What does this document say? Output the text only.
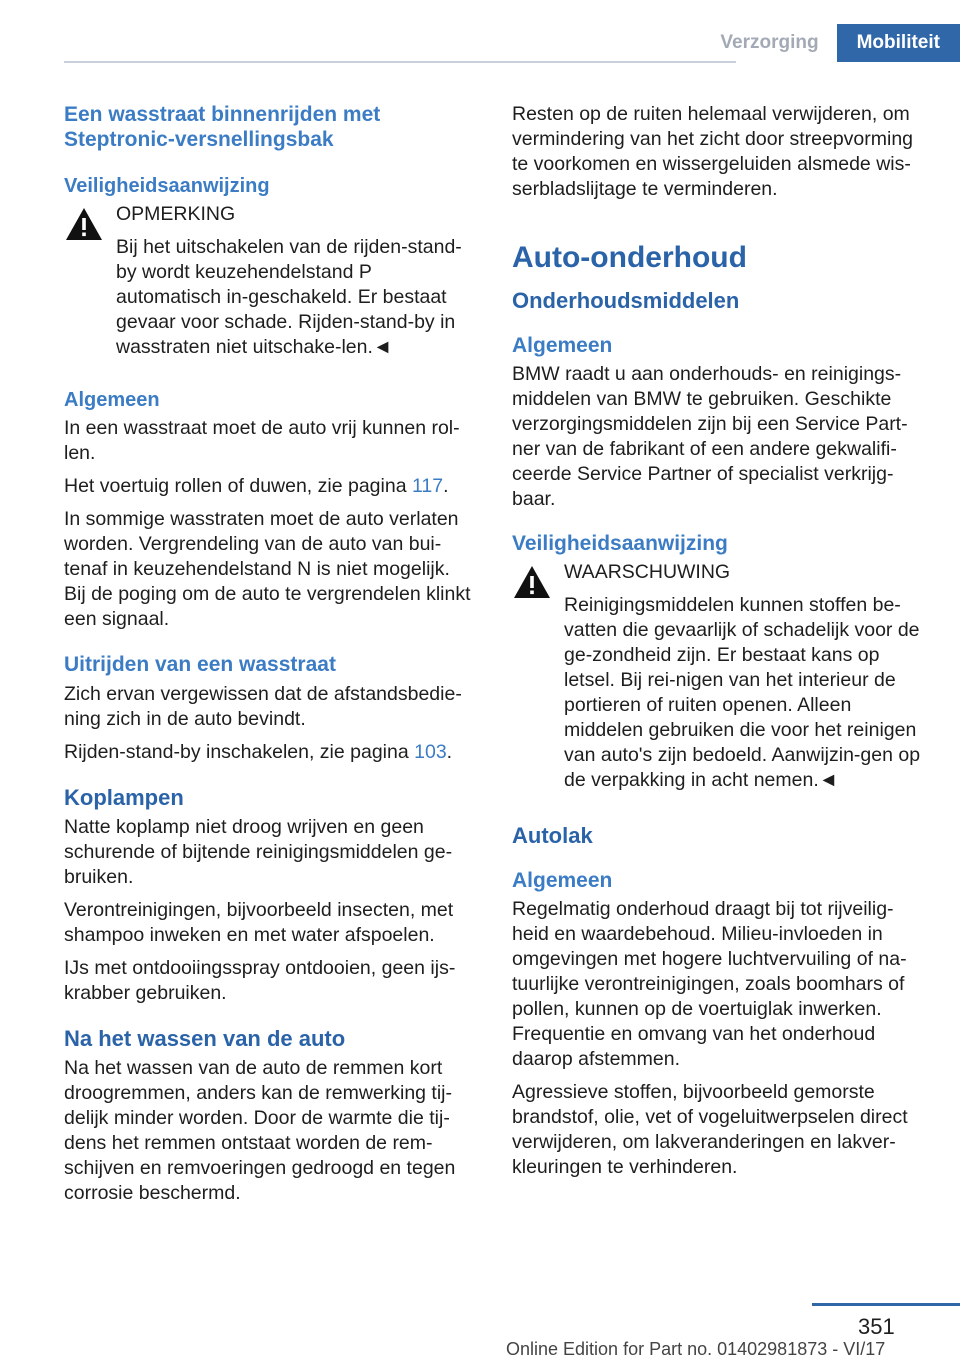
Verzorging	Mobiliteit
Een wasstraat binnenrijden met Steptronic-versnellingsbak
Veiligheidsaanwijzing

OPMERKING

Bij het uitschakelen van de rijden-stand-by wordt keuzehendelstand P automatisch in-geschakeld. Er bestaat gevaar voor schade. Rijden-stand-by in wasstraten niet uitschake-len.◄

Algemeen

In een wasstraat moet de auto vrij kunnen rol-len.

Het voertuig rollen of duwen, zie pagina 117.

In sommige wasstraten moet de auto verlaten worden. Vergrendeling van de auto van bui-tenaf in keuzehendelstand N is niet mogelijk. Bij de poging om de auto te vergrendelen klinkt een signaal.

Uitrijden van een wasstraat

Zich ervan vergewissen dat de afstandsbedie-ning zich in de auto bevindt.

Rijden-stand-by inschakelen, zie pagina 103.

Koplampen

Natte koplamp niet droog wrijven en geen schurende of bijtende reinigingsmiddelen ge-bruiken.

Verontreinigingen, bijvoorbeeld insecten, met shampoo inweken en met water afspoelen.

IJs met ontdooiingsspray ontdooien, geen ijs-krabber gebruiken.

Na het wassen van de auto

Na het wassen van de auto de remmen kort droogremmen, anders kan de remwerking tij-delijk minder worden. Door de warmte die tij-dens het remmen ontstaat worden de rem-schijven en remvoeringen gedroogd en tegen corrosie beschermd.

Resten op de ruiten helemaal verwijderen, om vermindering van het zicht door streepvorming te voorkomen en wissergeluiden alsmede wis-serbladslijtage te verminderen.

Auto-onderhoud
Onderhoudsmiddelen
Algemeen

BMW raadt u aan onderhouds- en reinigings-middelen van BMW te gebruiken. Geschikte verzorgingsmiddelen zijn bij een Service Part-ner van de fabrikant of een andere gekwalifi-ceerde Service Partner of specialist verkrijg-baar.

Veiligheidsaanwijzing

WAARSCHUWING

Reinigingsmiddelen kunnen stoffen be-vatten die gevaarlijk of schadelijk voor de ge-zondheid zijn. Er bestaat kans op letsel. Bij rei-nigen van het interieur de portieren of ruiten openen. Alleen middelen gebruiken die voor het reinigen van auto's zijn bedoeld. Aanwijzin-gen op de verpakking in acht nemen.◄

Autolak
Algemeen

Regelmatig onderhoud draagt bij tot rijveilig-heid en waardebehoud. Milieu-invloeden in omgevingen met hogere luchtvervuiling of na-tuurlijke verontreinigingen, zoals boomhars of pollen, kunnen op de voertuiglak inwerken. Frequentie en omvang van het onderhoud daarop afstemmen.

Agressieve stoffen, bijvoorbeeld gemorste brandstof, olie, vet of vogeluitwerpselen direct verwijderen, om lakveranderingen en lakver-kleuringen te verhinderen.

351
Online Edition for Part no. 01402981873 - VI/17
